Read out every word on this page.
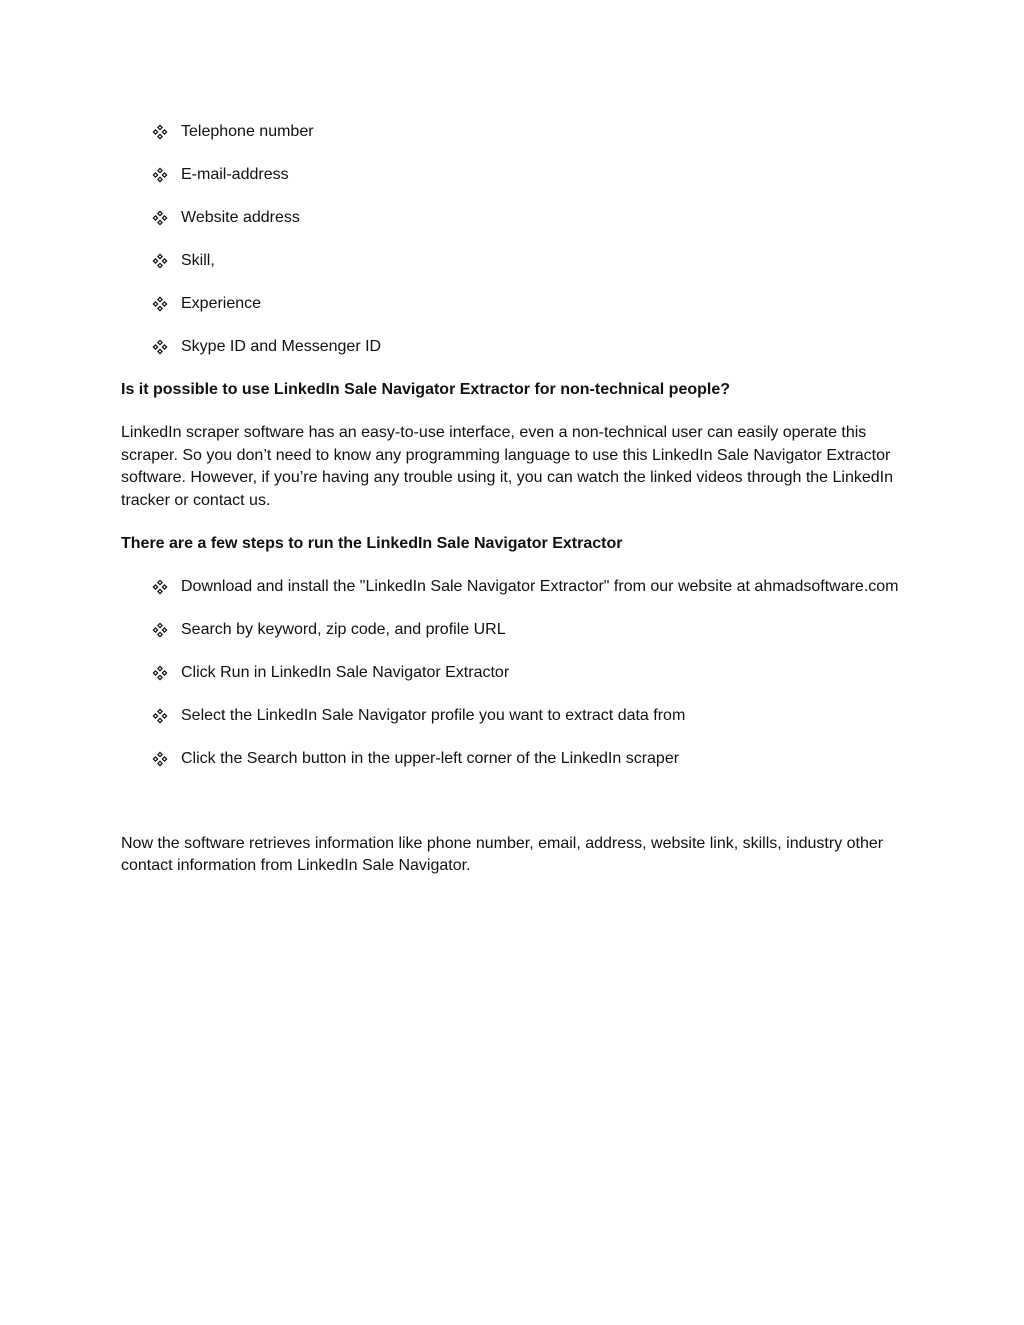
Telephone number
E-mail-address
Website address
Skill,
Experience
Skype ID and Messenger ID

Is it possible to use LinkedIn Sale Navigator Extractor for non-technical people?

LinkedIn scraper software has an easy-to-use interface, even a non-technical user can easily operate this scraper. So you don’t need to know any programming language to use this LinkedIn Sale Navigator Extractor software. However, if you’re having any trouble using it, you can watch the linked videos through the LinkedIn tracker or contact us.

There are a few steps to run the LinkedIn Sale Navigator Extractor

Download and install the "LinkedIn Sale Navigator Extractor" from our website at ahmadsoftware.com
Search by keyword, zip code, and profile URL
Click Run in LinkedIn Sale Navigator Extractor
Select the LinkedIn Sale Navigator profile you want to extract data from
Click the Search button in the upper-left corner of the LinkedIn scraper

Now the software retrieves information like phone number, email, address, website link, skills, industry other contact information from LinkedIn Sale Navigator.
